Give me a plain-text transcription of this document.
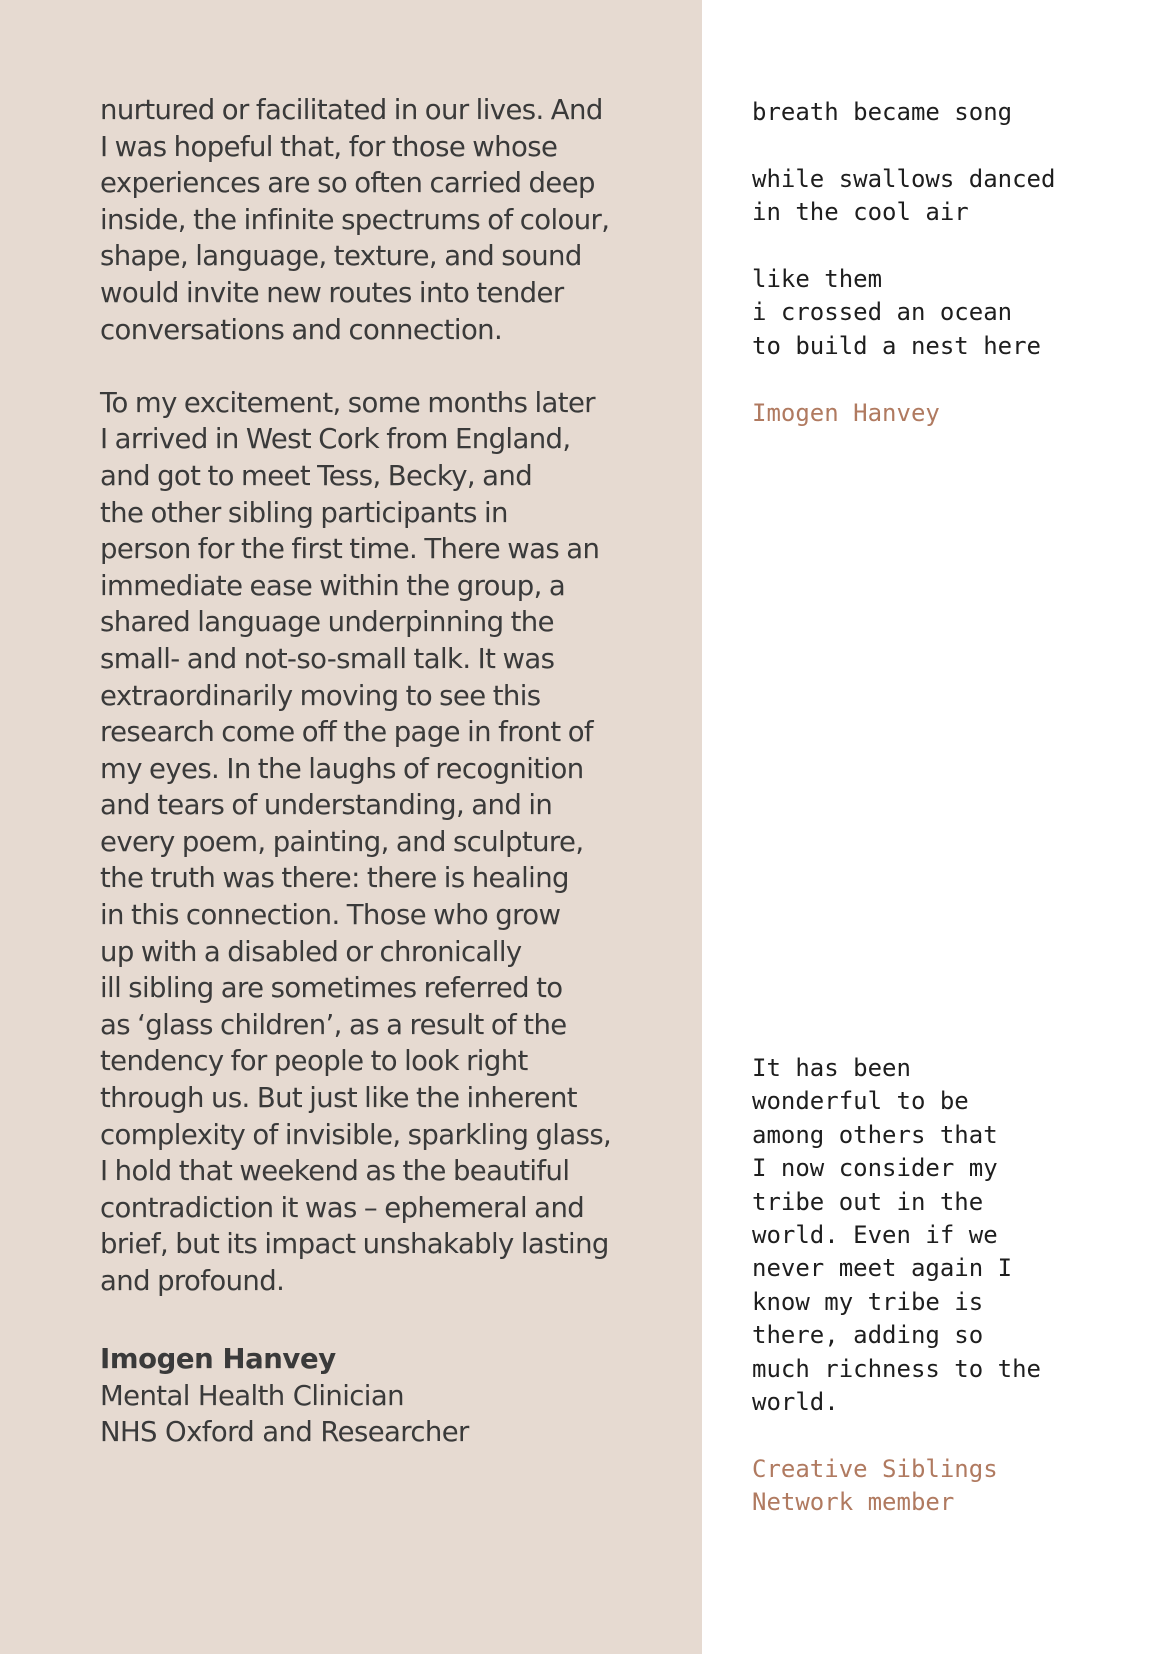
nurtured or facilitated in our lives. And
I was hopeful that, for those whose
experiences are so often carried deep
inside, the infinite spectrums of colour,
shape, language, texture, and sound
would invite new routes into tender
conversations and connection.
To my excitement, some months later
I arrived in West Cork from England,
and got to meet Tess, Becky, and
the other sibling participants in
person for the first time. There was an
immediate ease within the group, a
shared language underpinning the
small- and not-so-small talk. It was
extraordinarily moving to see this
research come off the page in front of
my eyes. In the laughs of recognition
and tears of understanding, and in
every poem, painting, and sculpture,
the truth was there: there is healing
in this connection. Those who grow
up with a disabled or chronically
ill sibling are sometimes referred to
as ‘glass children’, as a result of the
tendency for people to look right
through us. But just like the inherent
complexity of invisible, sparkling glass,
I hold that weekend as the beautiful
contradiction it was – ephemeral and
brief, but its impact unshakably lasting
and profound.
Imogen Hanvey
Mental Health Clinician
NHS Oxford and Researcher
breath became song
while swallows danced
in the cool air
like them
i crossed an ocean
to build a nest here
Imogen Hanvey
It has been
wonderful to be
among others that
I now consider my
tribe out in the
world. Even if we
never meet again I
know my tribe is
there, adding so
much richness to the
world.
Creative Siblings
Network member
